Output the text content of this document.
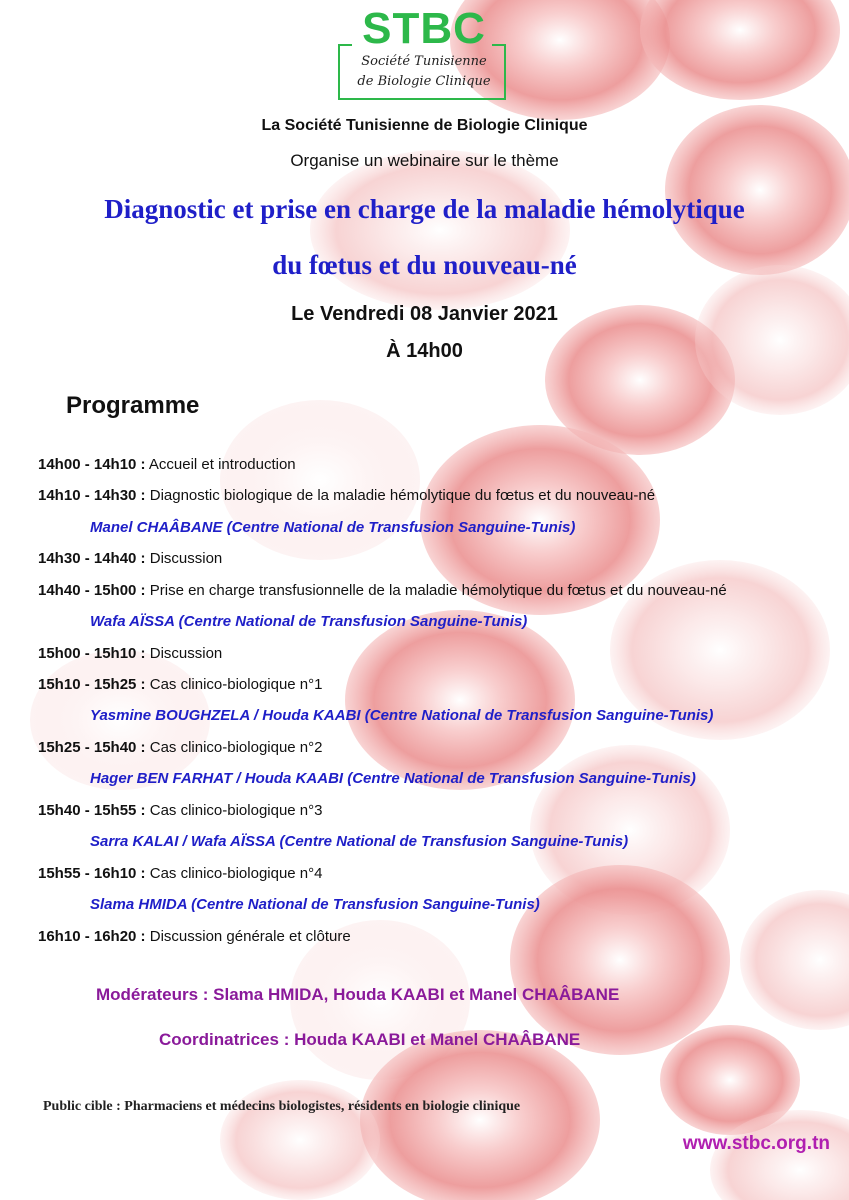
STBC
Société Tunisienne
de Biologie Clinique
La Société Tunisienne de Biologie Clinique
Organise un webinaire sur le thème
Diagnostic et prise en charge de la maladie hémolytique
du fœtus et du nouveau-né
Le Vendredi 08 Janvier 2021
À 14h00
Programme
14h00 - 14h10 : Accueil et introduction
14h10 - 14h30 : Diagnostic biologique de la maladie hémolytique du fœtus et du nouveau-né
Manel CHAÂBANE (Centre National de Transfusion Sanguine-Tunis)
14h30 - 14h40 : Discussion
14h40 - 15h00 : Prise en charge transfusionnelle de la maladie hémolytique du fœtus et du nouveau-né
Wafa AÏSSA (Centre National de Transfusion Sanguine-Tunis)
15h00 - 15h10 : Discussion
15h10 - 15h25 : Cas clinico-biologique n°1
Yasmine BOUGHZELA / Houda KAABI (Centre National de Transfusion Sanguine-Tunis)
15h25 - 15h40 : Cas clinico-biologique n°2
Hager BEN FARHAT / Houda KAABI (Centre National de Transfusion Sanguine-Tunis)
15h40 - 15h55 : Cas clinico-biologique n°3
Sarra KALAI / Wafa AÏSSA (Centre National de Transfusion Sanguine-Tunis)
15h55 - 16h10 : Cas clinico-biologique n°4
Slama HMIDA (Centre National de Transfusion Sanguine-Tunis)
16h10 - 16h20 : Discussion générale et clôture
Modérateurs : Slama HMIDA, Houda KAABI et Manel CHAÂBANE
Coordinatrices : Houda KAABI et Manel CHAÂBANE
Public cible : Pharmaciens et médecins biologistes, résidents en biologie clinique
www.stbc.org.tn
